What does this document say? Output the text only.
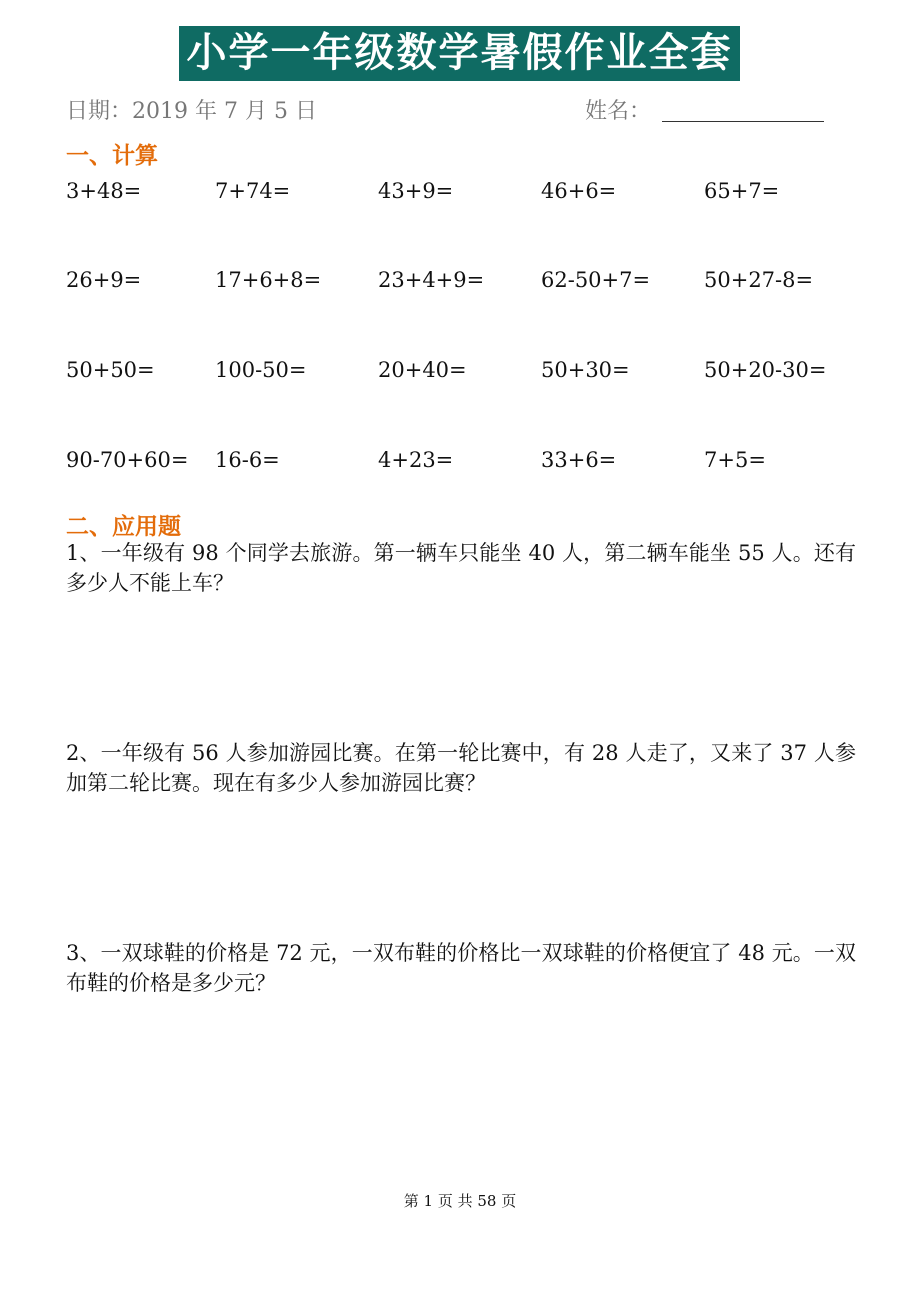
小学一年级数学暑假作业全套
日期：2019 年 7 月 5 日	姓名：
一、计算
3+48=	7+74=	43+9=	46+6=	65+7=
26+9=	17+6+8=	23+4+9=	62-50+7=	50+27-8=
50+50=	100-50=	20+40=	50+30=	50+20-30=
90-70+60= 16-6=	4+23=	33+6=	7+5=
二、应用题
1、一年级有 98 个同学去旅游。第一辆车只能坐 40 人，第二辆车能坐 55 人。还有多少人不能上车？
2、一年级有 56 人参加游园比赛。在第一轮比赛中，有 28 人走了，又来了 37 人参加第二轮比赛。现在有多少人参加游园比赛？
3、一双球鞋的价格是 72 元，一双布鞋的价格比一双球鞋的价格便宜了 48 元。一双布鞋的价格是多少元？
第 1 页 共 58 页
